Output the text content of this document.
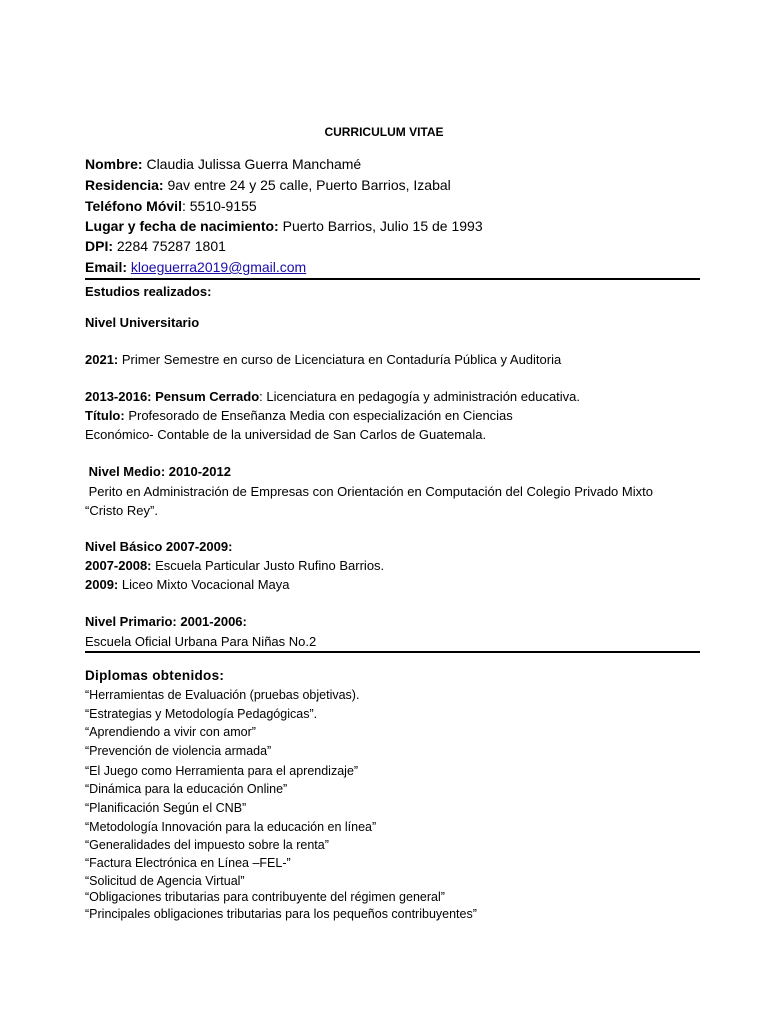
CURRICULUM VITAE
Nombre: Claudia Julissa Guerra Manchamé
Residencia: 9av entre 24 y 25 calle, Puerto Barrios, Izabal
Teléfono Móvil: 5510-9155
Lugar y fecha de nacimiento: Puerto Barrios, Julio 15 de 1993
DPI: 2284 75287 1801
Email: kloeguerra2019@gmail.com
Estudios realizados:
Nivel Universitario
2021: Primer Semestre en curso de Licenciatura en Contaduría Pública y Auditoria
2013-2016: Pensum Cerrado: Licenciatura en pedagogía y administración educativa.
Título: Profesorado de Enseñanza Media con especialización en Ciencias
Económico- Contable de la universidad de San Carlos de Guatemala.
Nivel Medio: 2010-2012
Perito en Administración de Empresas con Orientación en Computación del Colegio Privado Mixto
“Cristo Rey”.
Nivel Básico 2007-2009:
2007-2008: Escuela Particular Justo Rufino Barrios.
2009: Liceo Mixto Vocacional Maya
Nivel Primario: 2001-2006:
Escuela Oficial Urbana Para Niñas No.2
Diplomas obtenidos:
“Herramientas de Evaluación (pruebas objetivas).
“Estrategias y Metodología Pedagógicas”.
“Aprendiendo a vivir con amor”
“Prevención de violencia armada”
“El Juego como Herramienta para el aprendizaje”
“Dinámica para la educación Online”
“Planificación Según el CNB”
“Metodología Innovación para la educación en línea”
“Generalidades del impuesto sobre la renta”
“Factura Electrónica en Línea –FEL-”
“Solicitud de Agencia Virtual”
“Obligaciones tributarias para contribuyente del régimen general”
“Principales obligaciones tributarias para los pequeños contribuyentes”
